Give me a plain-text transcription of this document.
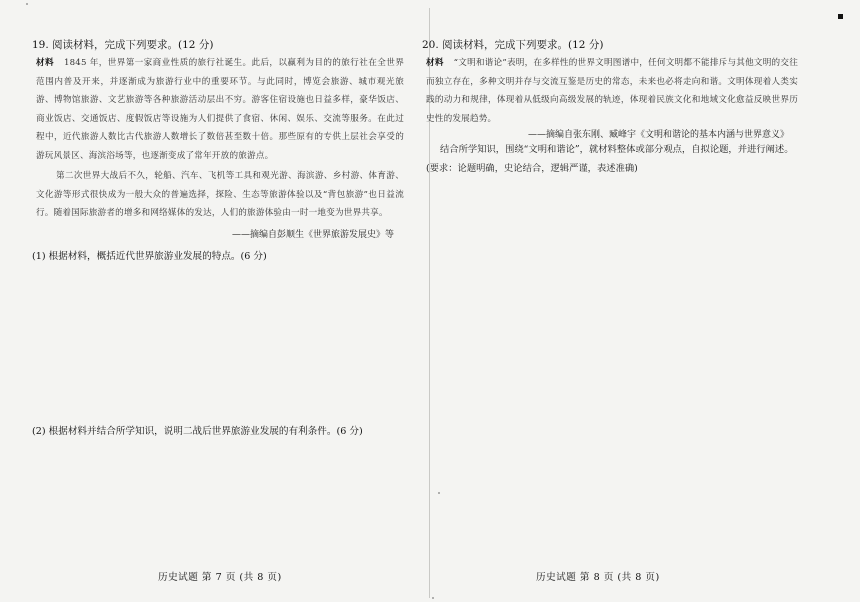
19. 阅读材料，完成下列要求。(12 分)
材料 1845 年，世界第一家商业性质的旅行社诞生。此后，以赢利为目的的旅行社在全世界范围内普及开来，并逐渐成为旅游行业中的重要环节。与此同时，博览会旅游、城市观光旅游、博物馆旅游、文艺旅游等各种旅游活动层出不穷。游客住宿设施也日益多样，豪华饭店、商业饭店、交通饭店、度假饭店等设施为人们提供了食宿、休闲、娱乐、交流等服务。在此过程中，近代旅游人数比古代旅游人数增长了数倍甚至数十倍。那些原有的专供上层社会享受的游玩风景区、海滨浴场等，也逐渐变成了常年开放的旅游点。
第二次世界大战后不久，轮船、汽车、飞机等工具和观光游、海滨游、乡村游、体育游、文化游等形式很快成为一般大众的普遍选择，探险、生态等旅游体验以及“背包旅游”也日益流行。随着国际旅游者的增多和网络媒体的发达，人们的旅游体验由一时一地变为世界共享。
——摘编自彭顺生《世界旅游发展史》等
(1) 根据材料，概括近代世界旅游业发展的特点。(6 分)
(2) 根据材料并结合所学知识，说明二战后世界旅游业发展的有利条件。(6 分)
历史试题 第 7 页 (共 8 页)
20. 阅读材料，完成下列要求。(12 分)
材料 “文明和谐论”表明，在多样性的世界文明图谱中，任何文明都不能排斥与其他文明的交往而独立存在，多种文明并存与交流互鉴是历史的常态，未来也必将走向和谐。文明体现着人类实践的动力和规律，体现着从低级向高级发展的轨迹，体现着民族文化和地域文化愈益反映世界历史性的发展趋势。
——摘编自张东刚、臧峰宇《文明和谐论的基本内涵与世界意义》
结合所学知识，围绕“文明和谐论”，就材料整体或部分观点，自拟论题，并进行阐述。
(要求：论题明确，史论结合，逻辑严谨，表述准确)
历史试题 第 8 页 (共 8 页)
